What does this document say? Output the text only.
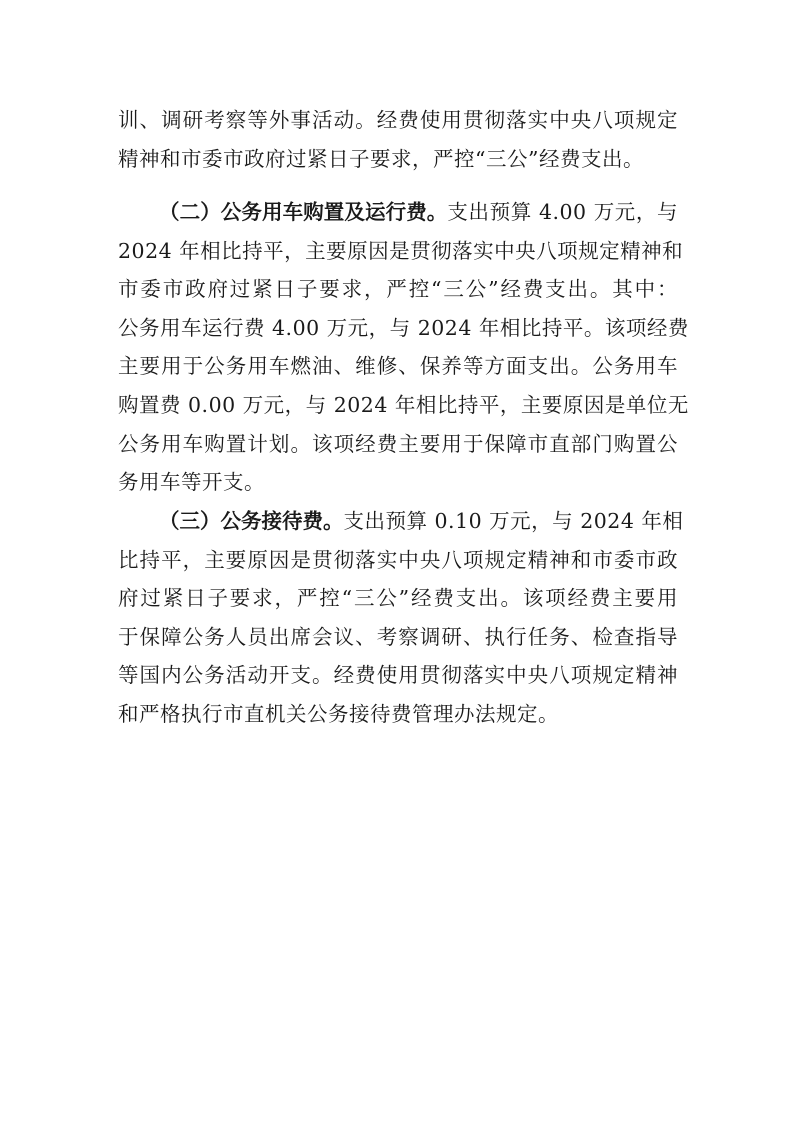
训、调研考察等外事活动。经费使用贯彻落实中央八项规定
精神和市委市政府过紧日子要求，严控“三公”经费支出。
（二）公务用车购置及运行费。支出预算 4.00 万元，与
2024 年相比持平，主要原因是贯彻落实中央八项规定精神和
市委市政府过紧日子要求，严控“三公”经费支出。其中：
公务用车运行费 4.00 万元，与 2024 年相比持平。该项经费
主要用于公务用车燃油、维修、保养等方面支出。公务用车
购置费 0.00 万元，与 2024 年相比持平，主要原因是单位无
公务用车购置计划。该项经费主要用于保障市直部门购置公
务用车等开支。
（三）公务接待费。支出预算 0.10 万元，与 2024 年相
比持平，主要原因是贯彻落实中央八项规定精神和市委市政
府过紧日子要求，严控“三公”经费支出。该项经费主要用
于保障公务人员出席会议、考察调研、执行任务、检查指导
等国内公务活动开支。经费使用贯彻落实中央八项规定精神
和严格执行市直机关公务接待费管理办法规定。
